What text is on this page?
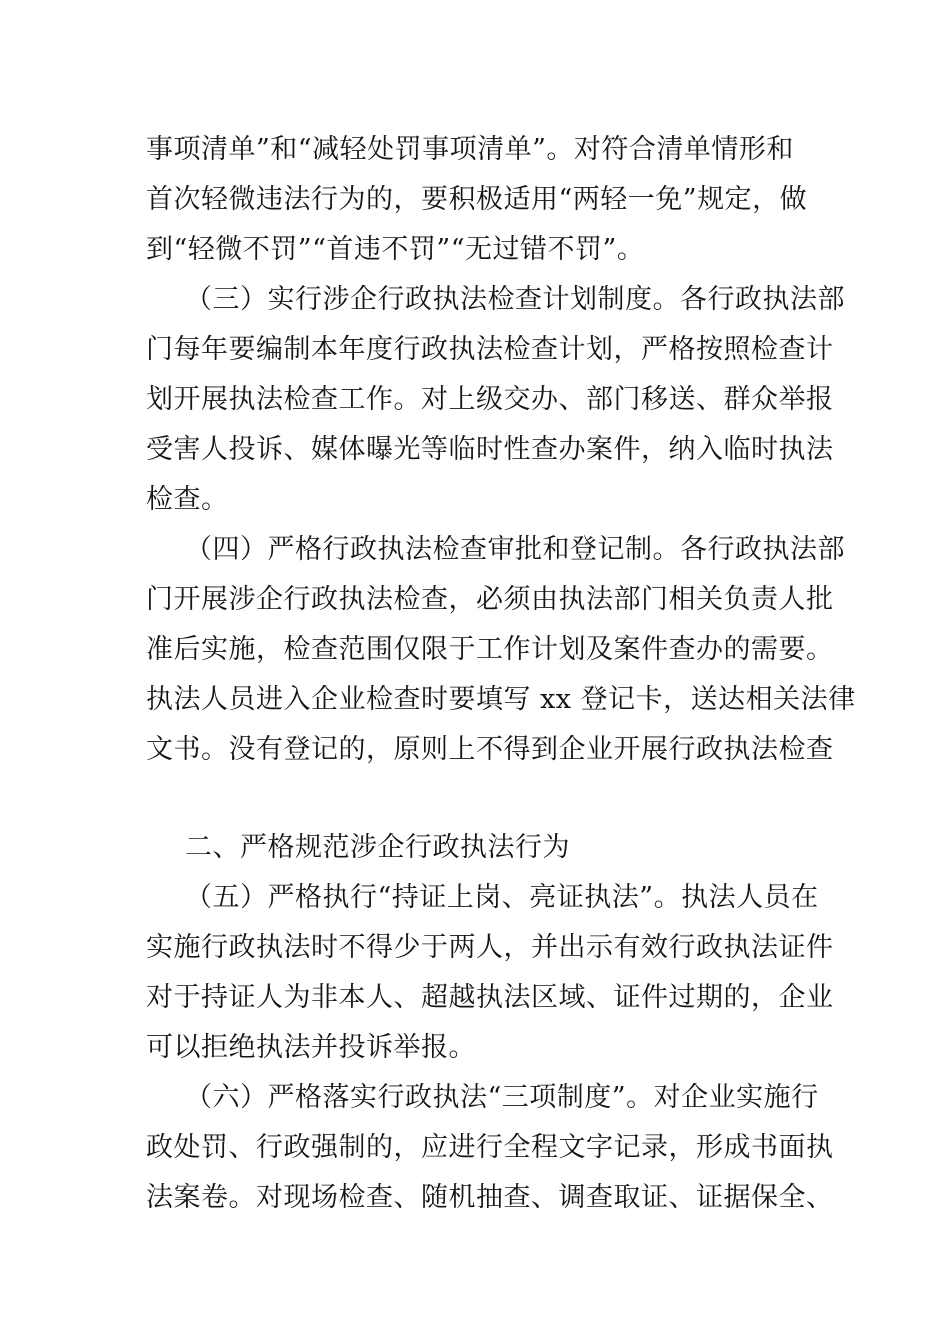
事项清单”和“减轻处罚事项清单”。对符合清单情形和

首次轻微违法行为的，要积极适用“两轻一免”规定，做

到“轻微不罚”“首违不罚”“无过错不罚”。

（三）实行涉企行政执法检查计划制度。各行政执法部

门每年要编制本年度行政执法检查计划，严格按照检查计

划开展执法检查工作。对上级交办、部门移送、群众举报

受害人投诉、媒体曝光等临时性查办案件，纳入临时执法

检查。

（四）严格行政执法检查审批和登记制。各行政执法部

门开展涉企行政执法检查，必须由执法部门相关负责人批

准后实施，检查范围仅限于工作计划及案件查办的需要。

执法人员进入企业检查时要填写 xx 登记卡，送达相关法律

文书。没有登记的，原则上不得到企业开展行政执法检查

二、严格规范涉企行政执法行为

（五）严格执行“持证上岗、亮证执法”。执法人员在

实施行政执法时不得少于两人，并出示有效行政执法证件

对于持证人为非本人、超越执法区域、证件过期的，企业

可以拒绝执法并投诉举报。

（六）严格落实行政执法“三项制度”。对企业实施行

政处罚、行政强制的，应进行全程文字记录，形成书面执

法案卷。对现场检查、随机抽查、调查取证、证据保全、
